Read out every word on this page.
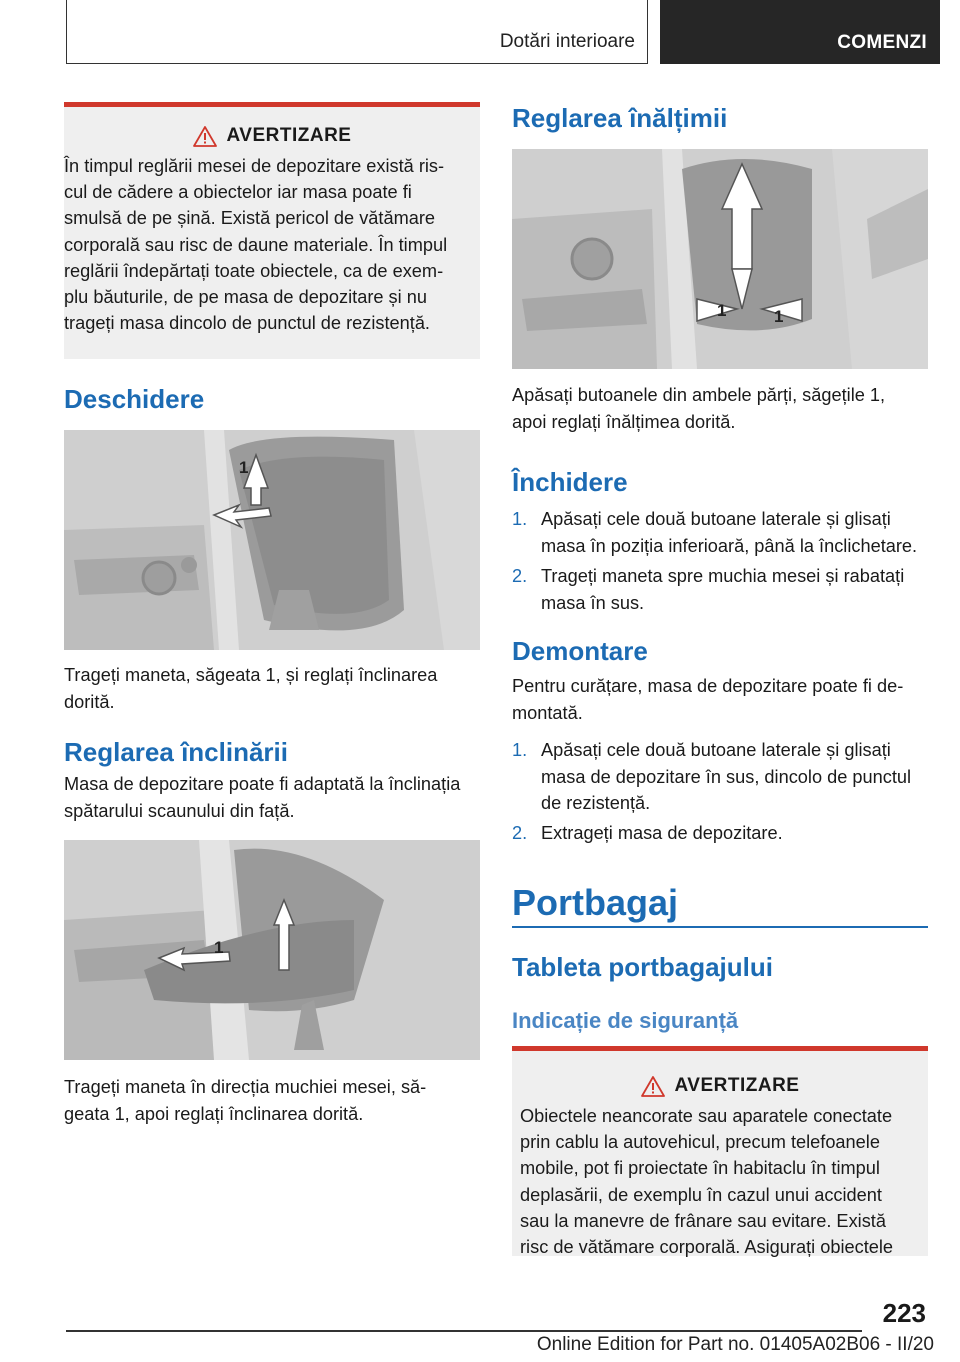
Dotări interioare	COMENZI
AVERTIZARE
În timpul reglării mesei de depozitare există ris-
cul de cădere a obiectelor iar masa poate fi
smulsă de pe șină. Există pericol de vătămare
corporală sau risc de daune materiale. În timpul
reglării îndepărtați toate obiectele, ca de exem-
plu băuturile, de pe masa de depozitare și nu
trageți masa dincolo de punctul de rezistență.
Deschidere
1
Trageți maneta, săgeata 1, și reglați înclinarea
dorită.
Reglarea înclinării
Masa de depozitare poate fi adaptată la înclinația
spătarului scaunului din față.
1
Trageți maneta în direcția muchiei mesei, să-
geata 1, apoi reglați înclinarea dorită.
Reglarea înălțimii
1	1
Apăsați butoanele din ambele părți, săgețile 1,
apoi reglați înălțimea dorită.
Închidere
1. Apăsați cele două butoane laterale și glisați
masa în poziția inferioară, până la înclichetare.
2. Trageți maneta spre muchia mesei și rabatați
masa în sus.
Demontare
Pentru curățare, masa de depozitare poate fi de-
montată.
1. Apăsați cele două butoane laterale și glisați
masa de depozitare în sus, dincolo de punctul
de rezistență.
2. Extrageți masa de depozitare.
Portbagaj
Tableta portbagajului
Indicație de siguranță
AVERTIZARE
Obiectele neancorate sau aparatele conectate
prin cablu la autovehicul, precum telefoanele
mobile, pot fi proiectate în habitaclu în timpul
deplasării, de exemplu în cazul unui accident
sau la manevre de frânare sau evitare. Există
risc de vătămare corporală. Asigurați obiectele
223
Online Edition for Part no. 01405A02B06 - II/20
